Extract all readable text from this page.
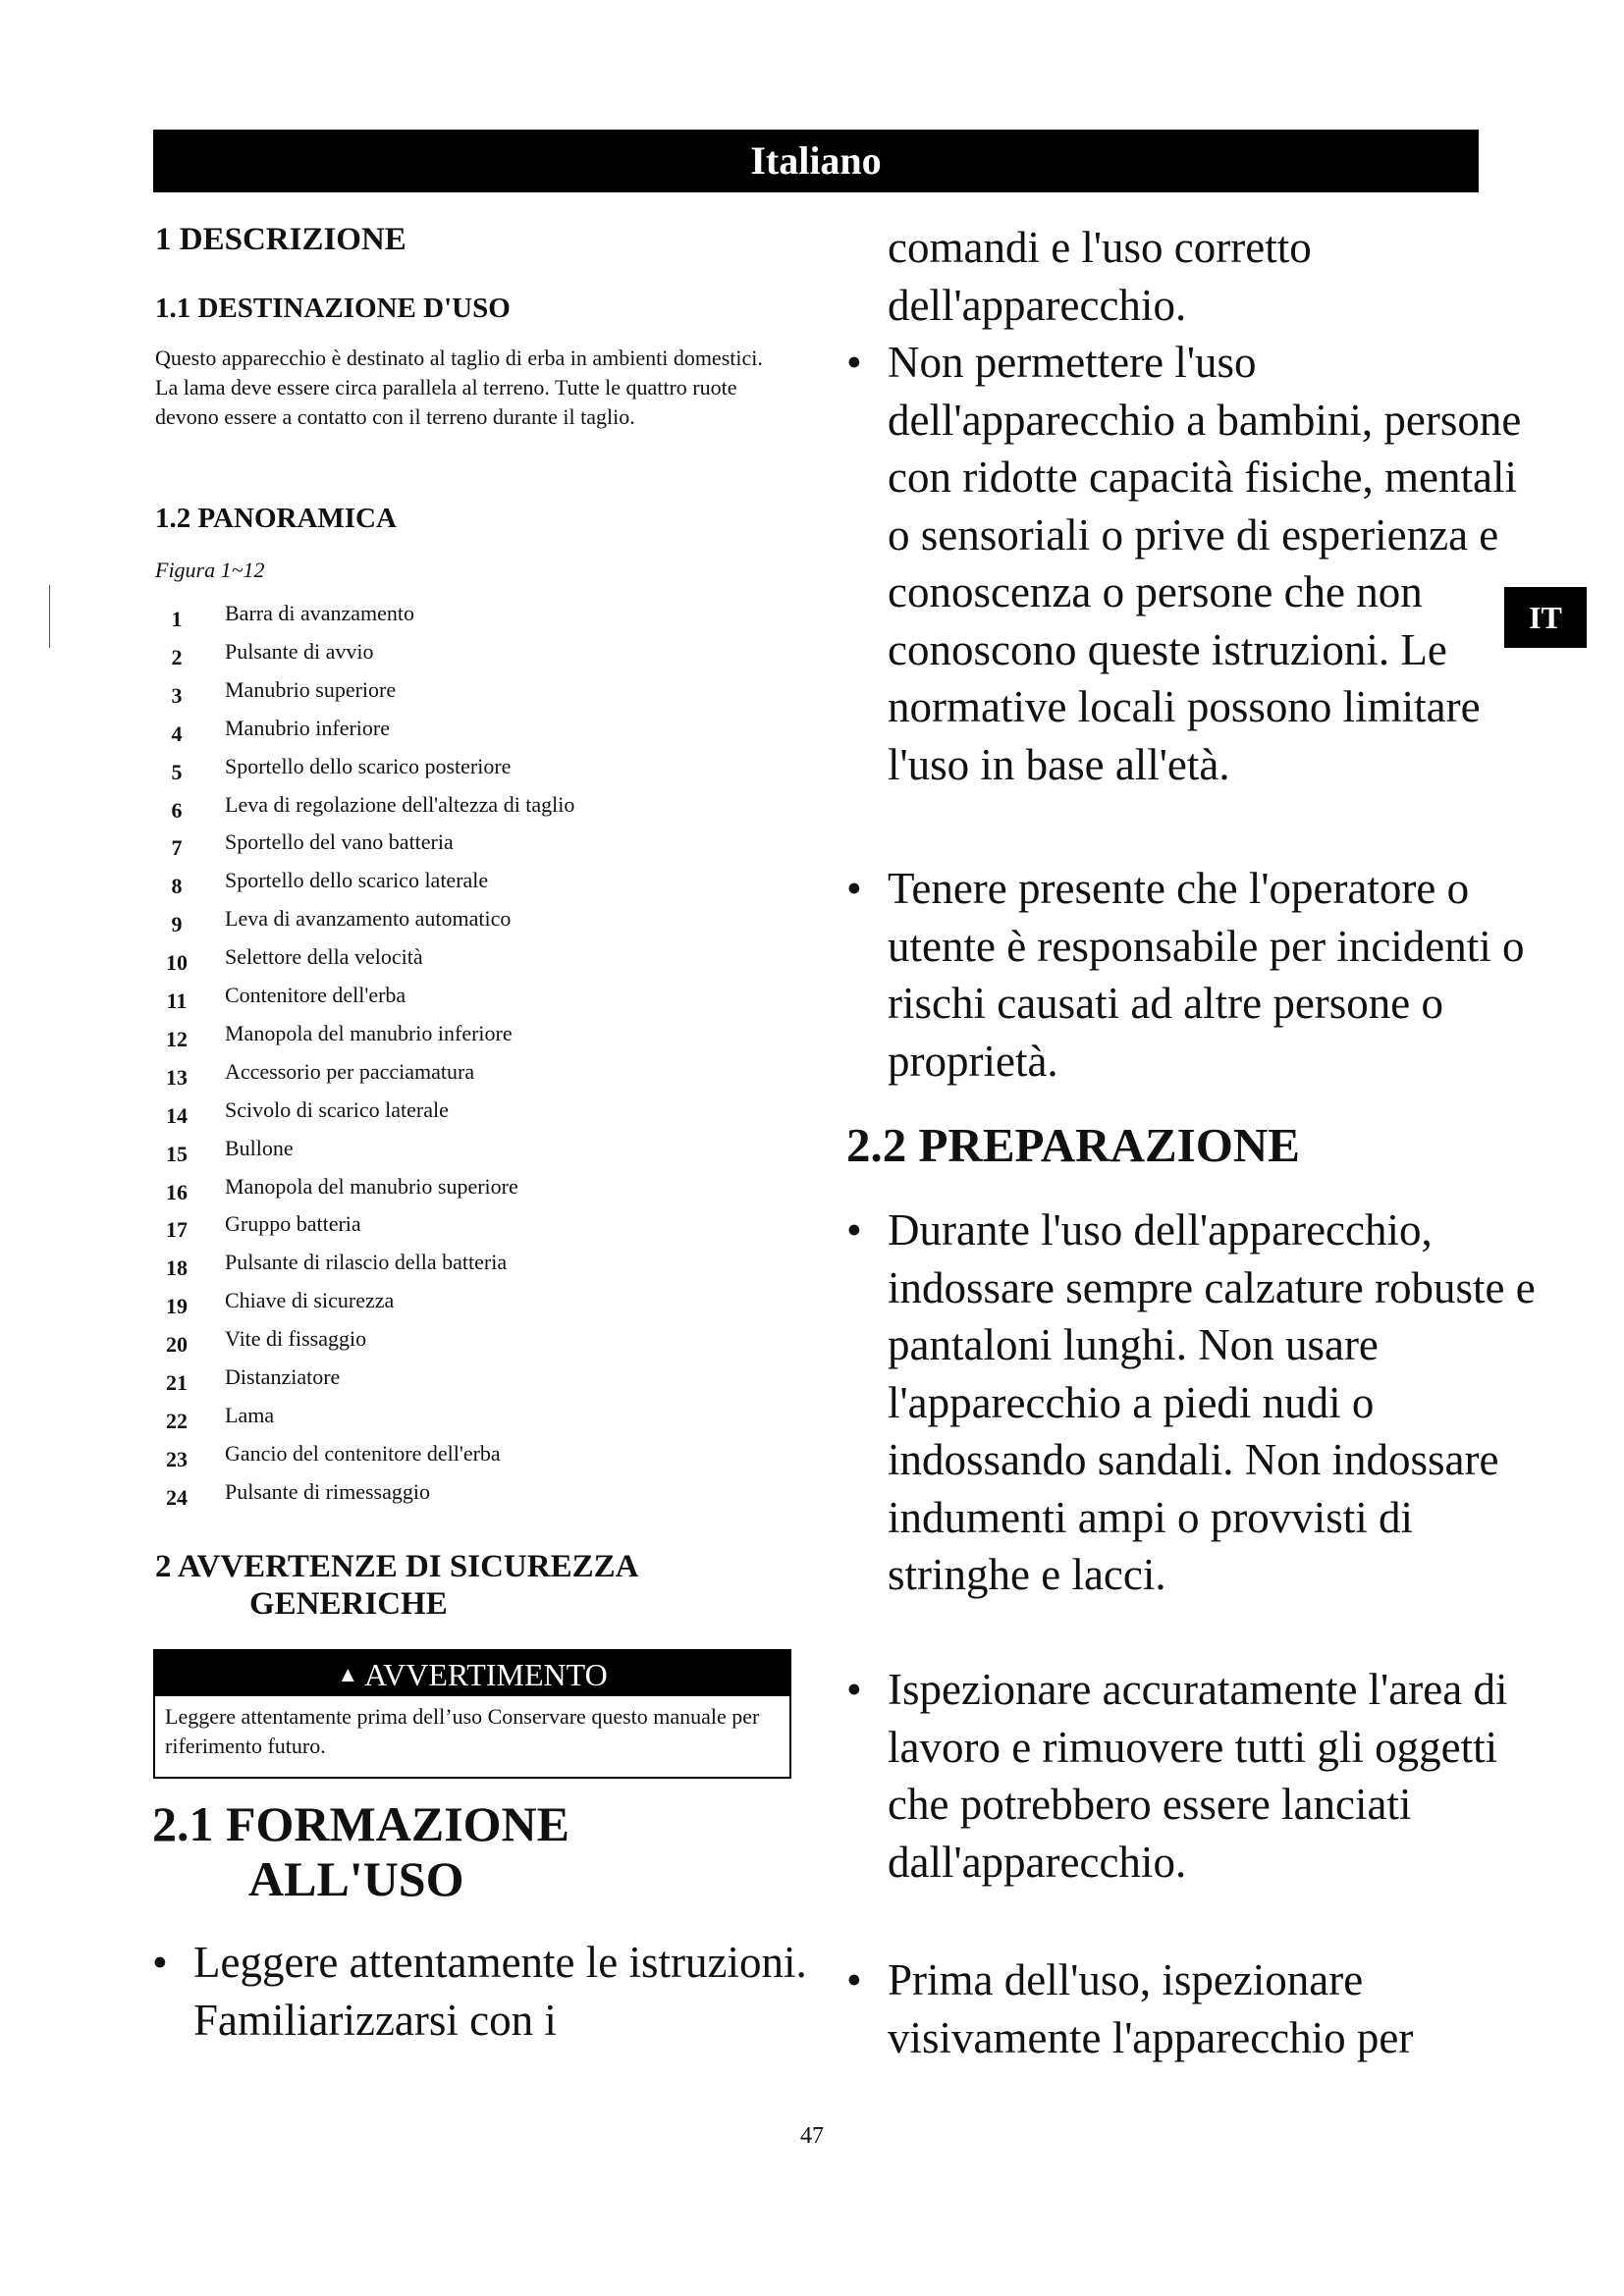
Italiano
IT
1 DESCRIZIONE
1.1 DESTINAZIONE D'USO

Questo apparecchio è destinato al taglio di erba in ambienti domestici. La lama deve essere circa parallela al terreno. Tutte le quattro ruote devono essere a contatto con il terreno durante il taglio.

1.2 PANORAMICA

Figura 1~12

1	Barra di avanzamento
2	Pulsante di avvio
3	Manubrio superiore
4	Manubrio inferiore
5	Sportello dello scarico posteriore
6	Leva di regolazione dell'altezza di taglio
7	Sportello del vano batteria
8	Sportello dello scarico laterale
9	Leva di avanzamento automatico
10	Selettore della velocità
11	Contenitore dell'erba
12	Manopola del manubrio inferiore
13	Accessorio per pacciamatura
14	Scivolo di scarico laterale
15	Bullone
16	Manopola del manubrio superiore
17	Gruppo batteria
18	Pulsante di rilascio della batteria
19	Chiave di sicurezza
20	Vite di fissaggio
21	Distanziatore
22	Lama
23	Gancio del contenitore dell'erba
24	Pulsante di rimessaggio
2 AVVERTENZE DI SICUREZZA
GENERICHE
▲ AVVERTIMENTO

Leggere attentamente prima dell’uso Conservare questo manuale per riferimento futuro.

2.1 FORMAZIONE
ALL'USO

• Leggere attentamente le istruzioni. Familiarizzarsi con i

comandi e l'uso corretto dell'apparecchio.

• Non permettere l'uso dell'apparecchio a bambini, persone con ridotte capacità fisiche, mentali o sensoriali o prive di esperienza e conoscenza o persone che non conoscono queste istruzioni. Le normative locali possono limitare l'uso in base all'età.

• Tenere presente che l'operatore o utente è responsabile per incidenti o rischi causati ad altre persone o proprietà.

2.2 PREPARAZIONE

• Durante l'uso dell'apparecchio, indossare sempre calzature robuste e pantaloni lunghi. Non usare l'apparecchio a piedi nudi o indossando sandali. Non indossare indumenti ampi o provvisti di stringhe e lacci.

• Ispezionare accuratamente l'area di lavoro e rimuovere tutti gli oggetti che potrebbero essere lanciati dall'apparecchio.

• Prima dell'uso, ispezionare visivamente l'apparecchio per

47
